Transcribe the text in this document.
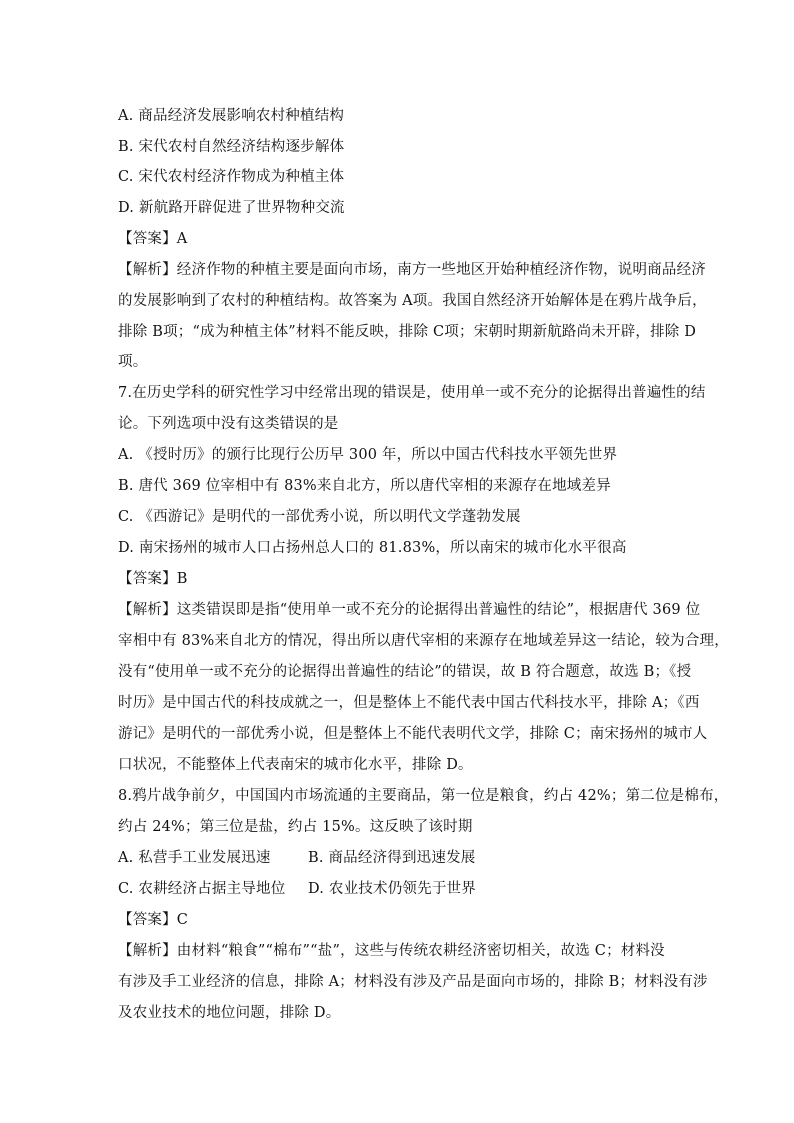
A. 商品经济发展影响农村种植结构
B. 宋代农村自然经济结构逐步解体
C. 宋代农村经济作物成为种植主体
D. 新航路开辟促进了世界物种交流
【答案】A
【解析】经济作物的种植主要是面向市场，南方一些地区开始种植经济作物，说明商品经济
的发展影响到了农村的种植结构。故答案为 A项。我国自然经济开始解体是在鸦片战争后，
排除 B项；“成为种植主体”材料不能反映，排除 C项；宋朝时期新航路尚未开辟，排除 D
项。
7.在历史学科的研究性学习中经常出现的错误是，使用单一或不充分的论据得出普遍性的结
论。下列选项中没有这类错误的是
A. 《授时历》的颁行比现行公历早 300 年，所以中国古代科技水平领先世界
B. 唐代 369 位宰相中有 83%来自北方，所以唐代宰相的来源存在地域差异
C. 《西游记》是明代的一部优秀小说，所以明代文学蓬勃发展
D. 南宋扬州的城市人口占扬州总人口的 81.83%，所以南宋的城市化水平很高
【答案】B
【解析】这类错误即是指“使用单一或不充分的论据得出普遍性的结论”，根据唐代 369 位
宰相中有 83%来自北方的情况，得出所以唐代宰相的来源存在地域差异这一结论，较为合理，
没有“使用单一或不充分的论据得出普遍性的结论”的错误，故 B 符合题意，故选 B；《授
时历》是中国古代的科技成就之一，但是整体上不能代表中国古代科技水平，排除 A；《西
游记》是明代的一部优秀小说，但是整体上不能代表明代文学，排除 C；南宋扬州的城市人
口状况，不能整体上代表南宋的城市化水平，排除 D。
8.鸦片战争前夕，中国国内市场流通的主要商品，第一位是粮食，约占 42%；第二位是棉布，
约占 24%；第三位是盐，约占 15%。这反映了该时期
A. 私营手工业发展迅速	B. 商品经济得到迅速发展
C. 农耕经济占据主导地位 D. 农业技术仍领先于世界
【答案】C
【解析】由材料“粮食”“棉布”“盐”，这些与传统农耕经济密切相关，故选 C；材料没
有涉及手工业经济的信息，排除 A；材料没有涉及产品是面向市场的，排除 B；材料没有涉
及农业技术的地位问题，排除 D。
